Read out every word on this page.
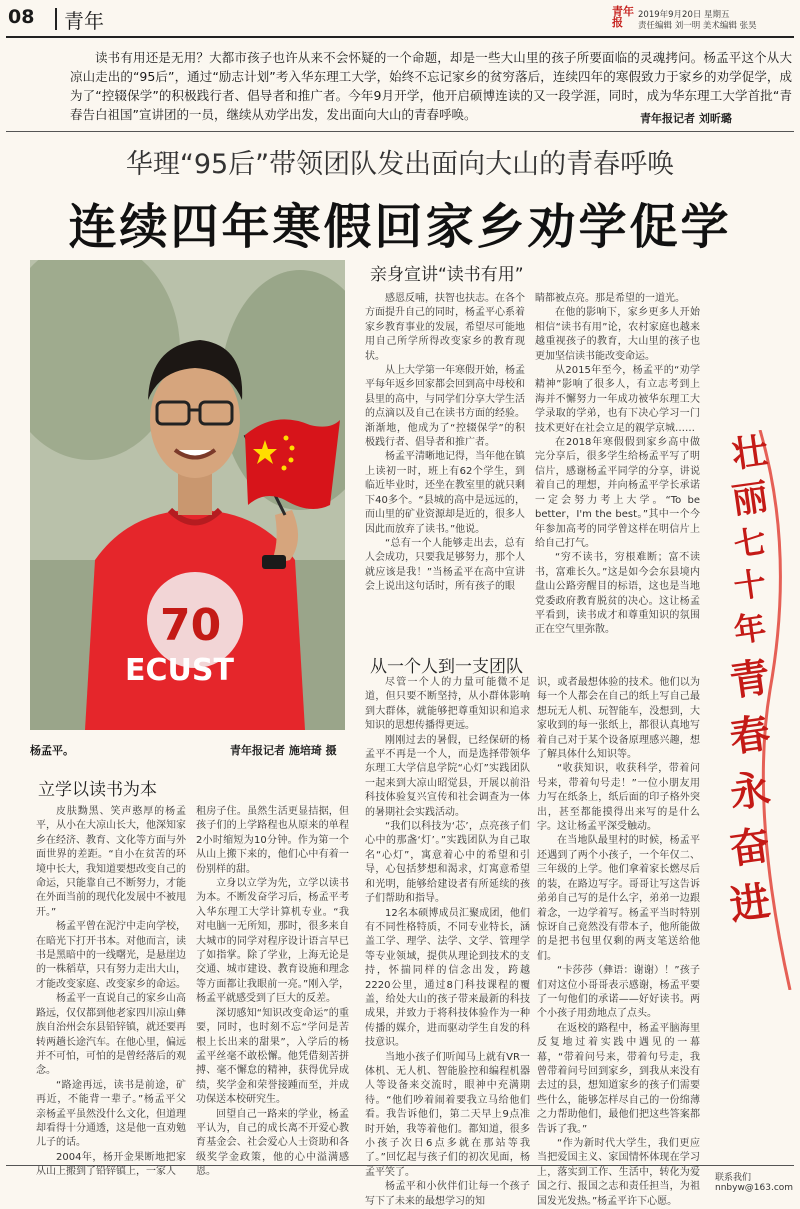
08 青年	青年报
2019年9月20日 星期五
责任编辑 刘一明 美术编辑 张昊
读书有用还是无用？大都市孩子也许从来不会怀疑的一个命题，却是一些大山里的孩子所要面临的灵魂拷问。杨孟平这个从大凉山走出的“95后”，通过“励志计划”考入华东理工大学，始终不忘记家乡的贫穷落后，连续四年的寒假致力于家乡的劝学促学，成为了“控辍保学”的积极践行者、倡导者和推广者。今年9月开学，他开启硕博连读的又一段学涯，同时，成为华东理工大学首批“青春告白祖国”宣讲团的一员，继续从劝学出发，发出面向大山的青春呼唤。	青年报记者 刘昕璐
华理“95后”带领团队发出面向大山的青春呼唤
连续四年寒假回家乡劝学促学
70
ECUST
杨孟平。	青年报记者 施培琦 摄
亲身宣讲“读书有用”
从一个人到一支团队
立学以读书为本

感恩反哺，扶智也扶志。在各个方面提升自己的同时，杨孟平心系着家乡教育事业的发展，希望尽可能地用自己所学所得改变家乡的教育现状。

从上大学第一年寒假开始，杨孟平每年返乡回家都会回到高中母校和县里的高中，与同学们分享大学生活的点滴以及自己在读书方面的经验。渐渐地，他成为了“控辍保学”的积极践行者、倡导者和推广者。

杨孟平清晰地记得，当年他在镇上读初一时，班上有62个学生，到临近毕业时，还坐在教室里的就只剩下40多个。“县城的高中是远远的，而山里的矿业资源却是近的，很多人因此而放弃了读书。”他说。

“总有一个人能够走出去，总有人会成功，只要我足够努力，那个人就应该是我！”当杨孟平在高中宣讲会上说出这句话时，所有孩子的眼

睛都被点亮。那是希望的一道光。

在他的影响下，家乡更多人开始相信“读书有用”论，农村家庭也越来越重视孩子的教育，大山里的孩子也更加坚信读书能改变命运。

从2015年至今，杨孟平的“劝学精神”影响了很多人，有立志考到上海并不懈努力一年成功被华东理工大学录取的学弟，也有下决心学习一门技术更好在社会立足的親学京城……

在2018年寒假假到家乡高中做完分享后，很多学生给杨孟平写了明信片，感谢杨孟平同学的分享，讲说着自己的理想，并向杨孟平学长承诺一定会努力考上大学。“To be better，I'm the best。”其中一个今年参加高考的同学曾这样在明信片上给自己打气。

“穷不读书，穷根难断；富不读书，富难长久。”这是如今会东县境内盘山公路旁醒目的标语，这也是当地党委政府教育脱贫的决心。这让杨孟平看到，读书成才和尊重知识的氛围正在空气里弥散。

尽管一个人的力量可能微不足道，但只要不断坚持，从小群体影响到大群体，就能够把尊重知识和追求知识的思想传播得更远。

刚刚过去的暑假，已经保研的杨孟平不再是一个人，而是选择带领华东理工大学信息学院“心灯”实践团队一起来到大凉山昭觉县，开展以前沿科技体验复兴宣传和社会调查为一体的暑期社会实践活动。

“我们以科技为‘芯’，点亮孩子们心中的那盏‘灯’。”实践团队为自己取名“心灯”，寓意着心中的希望和引导，心包括梦想和渴求，灯寓意希望和光明，能够给建设者有所延续的孩子们帮助和指导。

12名本硕博成员汇聚成团，他们有不同性格特质，不同专业特长，涵盖工学、理学、法学、文学、管理学等专业领域，提供从理论到技术的支持，怀揣同样的信念出发，跨越2220公里，通过8门科技课程的覆盖，给处大山的孩子带来最新的科技成果，并致力于将科技体验作为一种传播的媒介，进而驱动学生自发的科技意识。

当地小孩子们听闻马上就有VR一体机、无人机、智能脸控和编程机器人等设备来交流时，眼神中充满期待。“他们吵着闹着要我立马给他们看。我告诉他们，第二天早上9点准时开始，我等着他们。都知道，很多小孩子次日6点多就在那站等我了。”回忆起与孩子们的初次见面，杨孟平笑了。

杨孟平和小伙伴们让每一个孩子写下了未来的最想学习的知

识，或者最想体验的技术。他们以为每一个人都会在自己的纸上写自己最想玩无人机、玩智能车，没想到，大家收到的每一张纸上，都很认真地写着自己对于某个设备原理感兴趣，想了解具体什么知识等。

“收获知识，收获科学，带着问号来，带着句号走！”一位小朋友用力写在纸条上，纸后面的印子格外突出，甚至都能摸得出来写的是什么字。这让杨孟平深受触动。

在当地队最里村的时候，杨孟平还遇到了两个小孩子，一个年仅二、三年级的上学。他们拿着家长燃尽后的装，在路边写字。哥哥让写这告诉弟弟自己写的是什么字，弟弟一边跟着念，一边学着写。杨孟平当时特别惊讶自己竟然没有带本子，他所能做的是把书包里仅剩的两支笔送给他们。

“卡莎莎（彝语：谢谢）！”孩子们对这位小哥哥表示感谢，杨孟平要了一句他们的承诺——好好读书。两个小孩子用劲地点了点头。

在返校的路程中，杨孟平脑海里反复地过着实践中遇见的一幕幕，“带着问号来，带着句号走，我曾带着问号回到家乡，到我从来没有去过的县，想知道家乡的孩子们需要些什么，能够怎样尽自己的一份绵薄之力帮助他们，最他们把这些答案都告诉了我。”

“作为新时代大学生，我们更应当把爱国主义、家国情怀体现在学习上，落实到工作、生活中，转化为爱国之行、报国之志和责任担当，为祖国发光发热。”杨孟平许下心愿。

皮肤黝黑、笑声憨厚的杨孟平，从小在大凉山长大，他深知家乡在经济、教育、文化等方面与外面世界的差距。“自小在贫苦的环境中长大，我知道要想改变自己的命运，只能靠自己不断努力，才能在外面当前的现代化发展中不被甩开。”

杨孟平曾在泥泞中走向学校，在暗光下打开书本。对他而言，读书是黑暗中的一线曙光，是悬崖边的一株稻草，只有努力走出大山，才能改变家庭、改变家乡的命运。

杨孟平一直说自己的家乡山高路远，仅仅都到他老家四川凉山彝族自治州会东县铅锌镇，就还要再转两趟长途汽车。在他心里，偏远并不可怕，可怕的是曾经落后的观念。

“路途再远，读书是前途，矿再近，不能背一辈子。”杨孟平父亲杨孟平虽然没什么文化，但道理却看得十分通透，这是他一直劝勉儿子的话。

2004年，杨开金果断地把家从山上搬到了铅锌镇上，一家人

租房子住。虽然生活更显拮据，但孩子们的上学路程也从原来的单程2小时缩短为10分钟。作为第一个从山上搬下来的，他们心中有着一份别样的甜。

立身以立学为先，立学以读书为本。不断发奋学习后，杨孟平考入华东理工大学计算机专业。“我对电脑一无所知，那时，很多来自大城市的同学对程序设计语言早已了如指掌。除了学业，上海无论是交通、城市建设、教育设施和理念等方面都让我眼前一亮。”刚入学，杨孟平就感受到了巨大的反差。

深切感知“知识改变命运”的重要，同时，也时刻不忘“学问是苦根上长出来的甜果”，入学后的杨孟平丝毫不敢松懈。他凭借刻苦拼搏、毫不懈怠的精神，获得优异成绩，奖学金和荣誉接踵而至，并成功保送本校研究生。

回望自己一路来的学业，杨孟平认为，自己的成长离不开爱心教育基金会、社会爱心人士资助和各级奖学金政策，他的心中溢满感恩。

壮
丽
七
十
年
青
春
永
奋
进
联系我们 nnbyw@163.com
